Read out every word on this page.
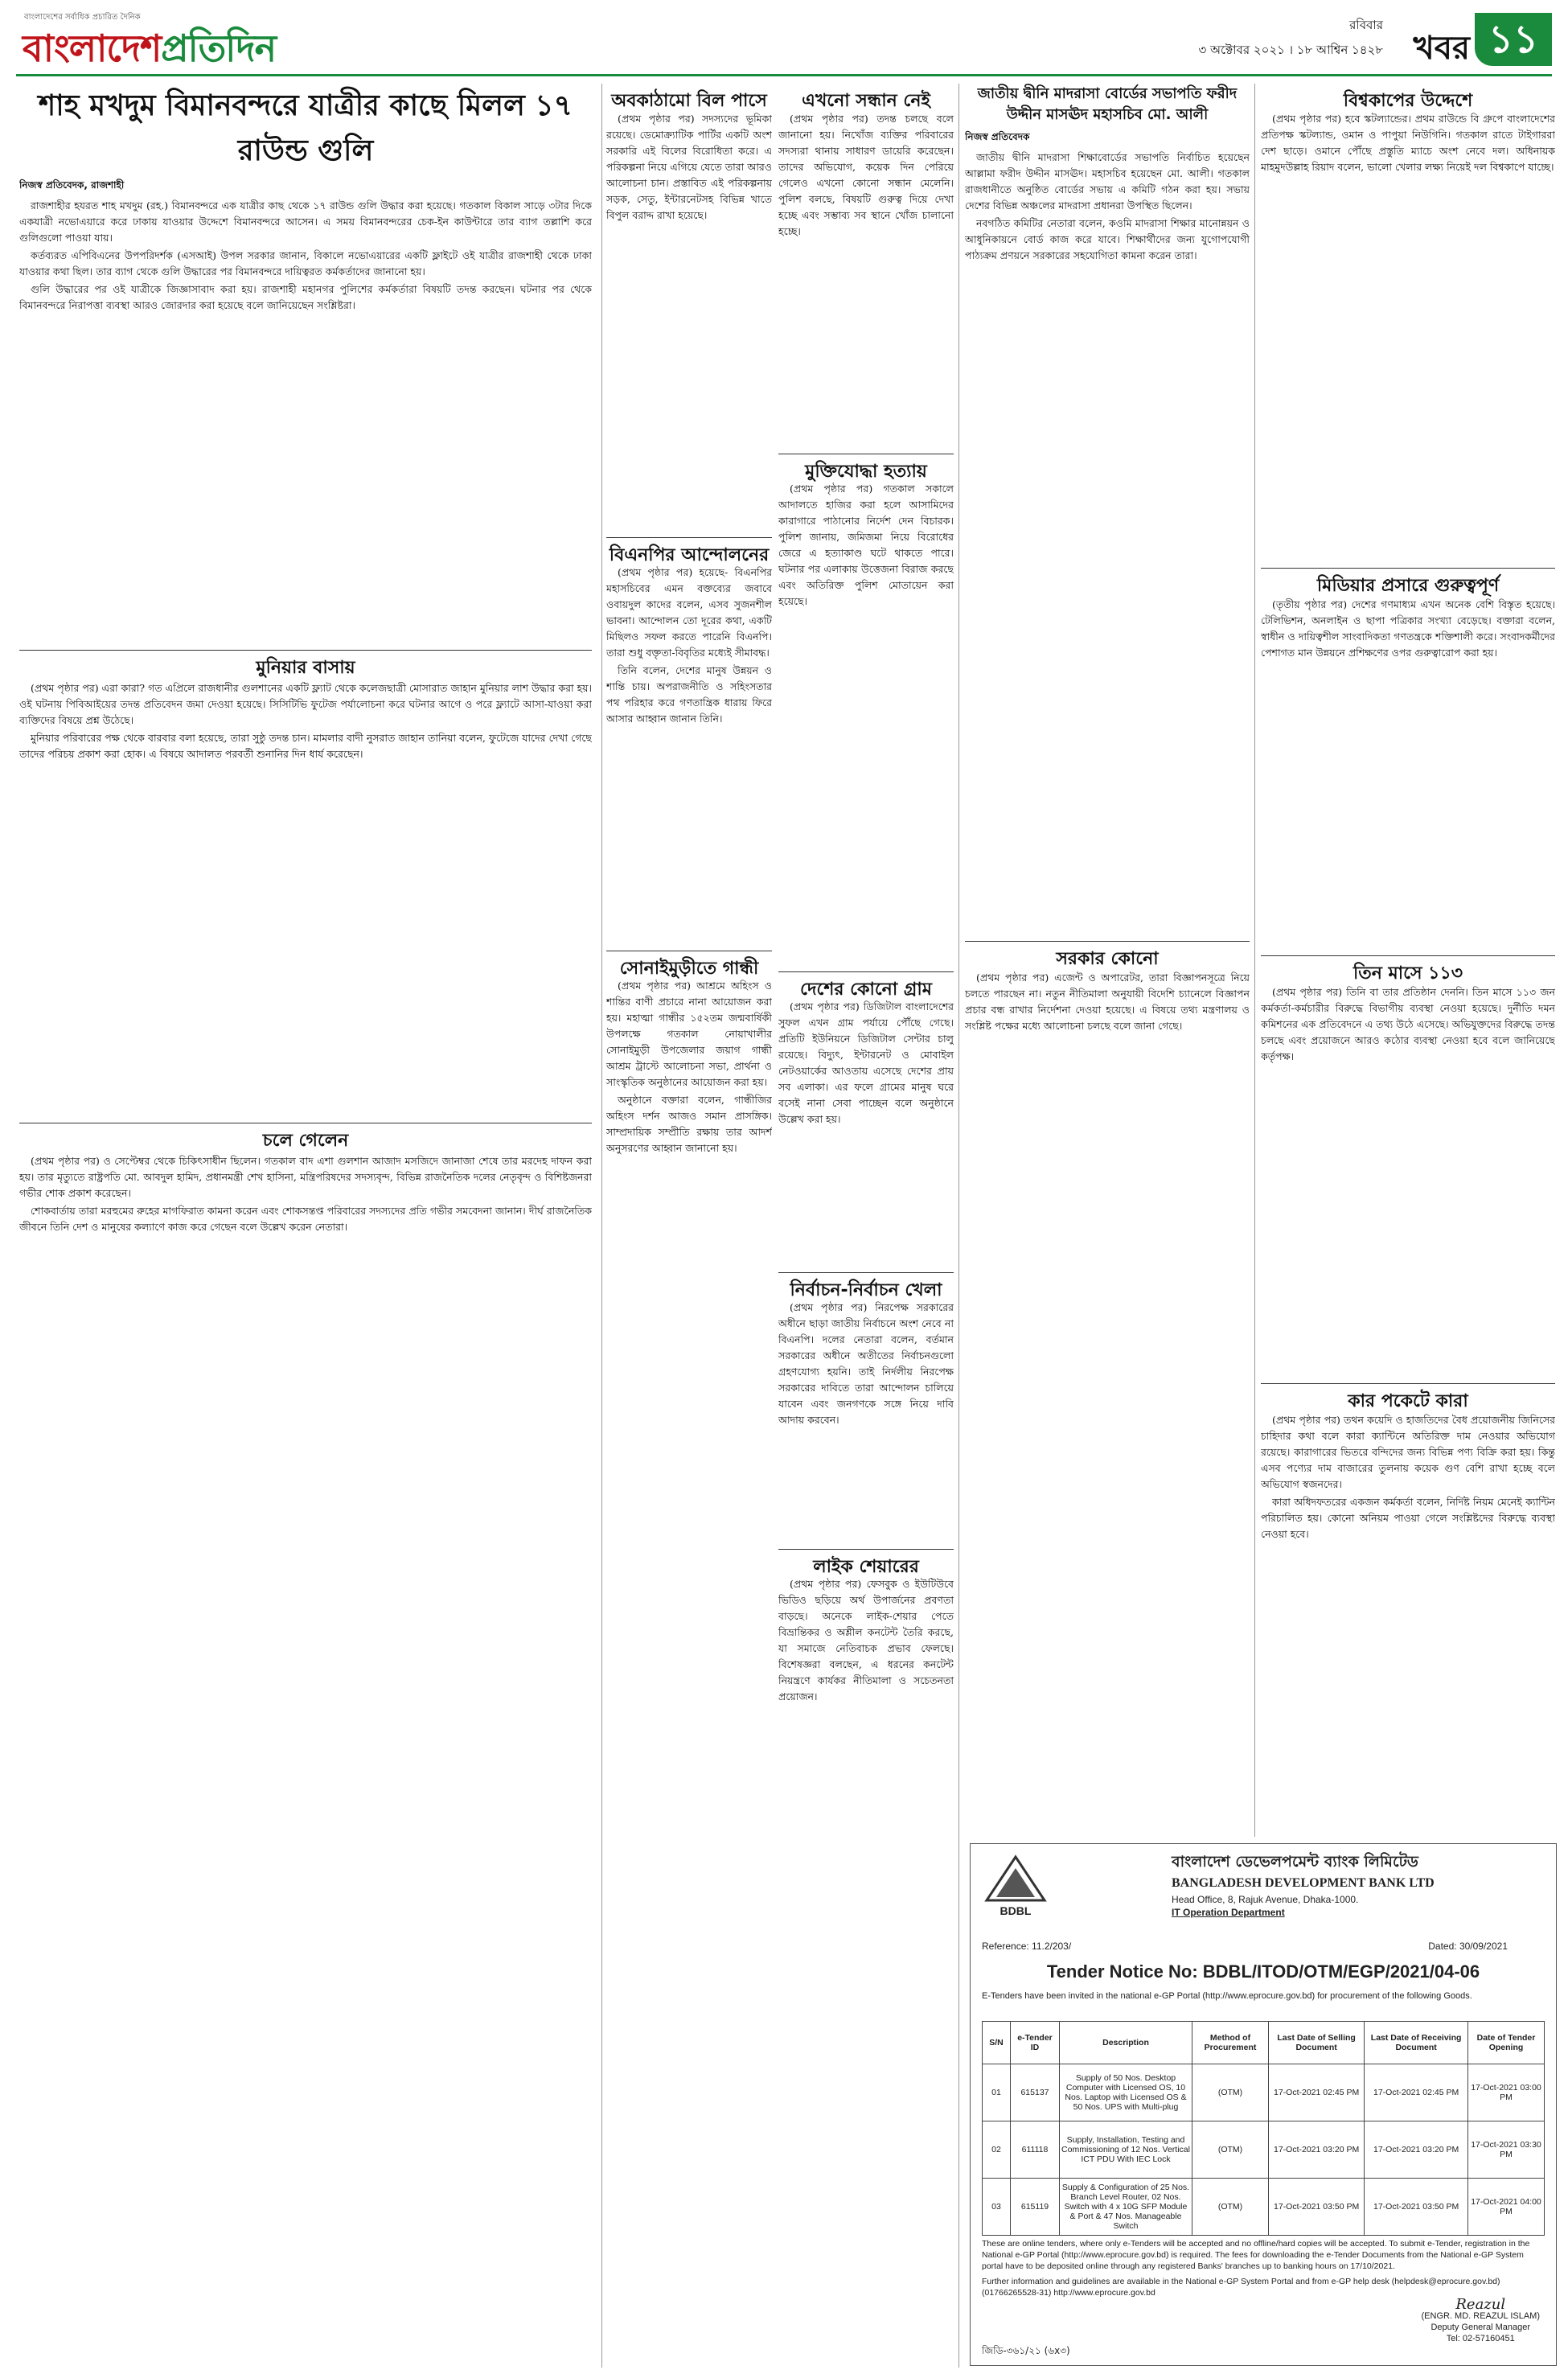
বাংলাদেশের সর্বাধিক প্রচারিত দৈনিক
বাংলাদেশপ্রতিদিন
রবিবার
৩ অক্টোবর ২০২১ । ১৮ আশ্বিন ১৪২৮ খবর ১১
শাহ মখদুম বিমানবন্দরে যাত্রীর কাছে মিলল ১৭ রাউন্ড গুলি
নিজস্ব প্রতিবেদক, রাজশাহী

রাজশাহীর হযরত শাহ মখদুম (রহ.) বিমানবন্দরে এক যাত্রীর কাছ থেকে ১৭ রাউন্ড গুলি উদ্ধার করা হয়েছে। গতকাল বিকাল সাড়ে ৩টার দিকে একযাত্রী নভোএয়ারে করে ঢাকায় যাওয়ার উদ্দেশে বিমানবন্দরে আসেন। এ সময় বিমানবন্দরের চেক-ইন কাউন্টারে তার ব্যাগ তল্লাশি করে গুলিগুলো পাওয়া যায়।

কর্তব্যরত এপিবিএনের উপপরিদর্শক (এসআই) উপল সরকার জানান, বিকালে নভোএয়ারের একটি ফ্লাইটে ওই যাত্রীর রাজশাহী থেকে ঢাকা যাওয়ার কথা ছিল। তার ব্যাগ থেকে গুলি উদ্ধারের পর বিমানবন্দরে দায়িত্বরত কর্মকর্তাদের জানানো হয়।

গুলি উদ্ধারের পর ওই যাত্রীকে জিজ্ঞাসাবাদ করা হয়। রাজশাহী মহানগর পুলিশের কর্মকর্তারা বিষয়টি তদন্ত করছেন। ঘটনার পর থেকে বিমানবন্দরে নিরাপত্তা ব্যবস্থা আরও জোরদার করা হয়েছে বলে জানিয়েছেন সংশ্লিষ্টরা।

মুনিয়ার বাসায়

(প্রথম পৃষ্ঠার পর) এরা কারা? গত এপ্রিলে রাজধানীর গুলশানের একটি ফ্ল্যাট থেকে কলেজছাত্রী মোসারাত জাহান মুনিয়ার লাশ উদ্ধার করা হয়। ওই ঘটনায় পিবিআইয়ের তদন্ত প্রতিবেদন জমা দেওয়া হয়েছে। সিসিটিভি ফুটেজ পর্যালোচনা করে ঘটনার আগে ও পরে ফ্ল্যাটে আসা-যাওয়া করা ব্যক্তিদের বিষয়ে প্রশ্ন উঠেছে।

মুনিয়ার পরিবারের পক্ষ থেকে বারবার বলা হয়েছে, তারা সুষ্ঠু তদন্ত চান। মামলার বাদী নুসরাত জাহান তানিয়া বলেন, ফুটেজে যাদের দেখা গেছে তাদের পরিচয় প্রকাশ করা হোক। এ বিষয়ে আদালত পরবর্তী শুনানির দিন ধার্য করেছেন।

চলে গেলেন

(প্রথম পৃষ্ঠার পর) ও সেপ্টেম্বর থেকে চিকিৎসাধীন ছিলেন। গতকাল বাদ এশা গুলশান আজাদ মসজিদে জানাজা শেষে তার মরদেহ দাফন করা হয়। তার মৃত্যুতে রাষ্ট্রপতি মো. আবদুল হামিদ, প্রধানমন্ত্রী শেখ হাসিনা, মন্ত্রিপরিষদের সদস্যবৃন্দ, বিভিন্ন রাজনৈতিক দলের নেতৃবৃন্দ ও বিশিষ্টজনরা গভীর শোক প্রকাশ করেছেন।

শোকবার্তায় তারা মরহুমের রুহের মাগফিরাত কামনা করেন এবং শোকসন্তপ্ত পরিবারের সদস্যদের প্রতি গভীর সমবেদনা জানান। দীর্ঘ রাজনৈতিক জীবনে তিনি দেশ ও মানুষের কল্যাণে কাজ করে গেছেন বলে উল্লেখ করেন নেতারা।

অবকাঠামো বিল পাসে

(প্রথম পৃষ্ঠার পর) সদস্যদের ভূমিকা রয়েছে। ডেমোক্র্যাটিক পার্টির একটি অংশ সরকারি এই বিলের বিরোধিতা করে। এ পরিকল্পনা নিয়ে এগিয়ে যেতে তারা আরও আলোচনা চান। প্রস্তাবিত এই পরিকল্পনায় সড়ক, সেতু, ইন্টারনেটসহ বিভিন্ন খাতে বিপুল বরাদ্দ রাখা হয়েছে।

বিএনপির আন্দোলনের

(প্রথম পৃষ্ঠার পর) হয়েছে- বিএনপির মহাসচিবের এমন বক্তব্যের জবাবে ওবায়দুল কাদের বলেন, এসব সুজনশীল ভাবনা। আন্দোলন তো দূরের কথা, একটি মিছিলও সফল করতে পারেনি বিএনপি। তারা শুধু বক্তৃতা-বিবৃতির মধ্যেই সীমাবদ্ধ।

তিনি বলেন, দেশের মানুষ উন্নয়ন ও শান্তি চায়। অপরাজনীতি ও সহিংসতার পথ পরিহার করে গণতান্ত্রিক ধারায় ফিরে আসার আহ্বান জানান তিনি।

সোনাইমুড়ীতে গান্ধী

(প্রথম পৃষ্ঠার পর) আশ্রমে অহিংস ও শান্তির বাণী প্রচারে নানা আয়োজন করা হয়। মহাত্মা গান্ধীর ১৫২তম জন্মবার্ষিকী উপলক্ষে গতকাল নোয়াখালীর সোনাইমুড়ী উপজেলার জয়াগ গান্ধী আশ্রম ট্রাস্টে আলোচনা সভা, প্রার্থনা ও সাংস্কৃতিক অনুষ্ঠানের আয়োজন করা হয়।

অনুষ্ঠানে বক্তারা বলেন, গান্ধীজির অহিংস দর্শন আজও সমান প্রাসঙ্গিক। সাম্প্রদায়িক সম্প্রীতি রক্ষায় তার আদর্শ অনুসরণের আহ্বান জানানো হয়।

এখনো সন্ধান নেই

(প্রথম পৃষ্ঠার পর) তদন্ত চলছে বলে জানানো হয়। নিখোঁজ ব্যক্তির পরিবারের সদস্যরা থানায় সাধারণ ডায়েরি করেছেন। তাদের অভিযোগ, কয়েক দিন পেরিয়ে গেলেও এখনো কোনো সন্ধান মেলেনি। পুলিশ বলছে, বিষয়টি গুরুত্ব দিয়ে দেখা হচ্ছে এবং সম্ভাব্য সব স্থানে খোঁজ চালানো হচ্ছে।

মুক্তিযোদ্ধা হত্যায়

(প্রথম পৃষ্ঠার পর) গতকাল সকালে আদালতে হাজির করা হলে আসামিদের কারাগারে পাঠানোর নির্দেশ দেন বিচারক। পুলিশ জানায়, জমিজমা নিয়ে বিরোধের জেরে এ হত্যাকাণ্ড ঘটে থাকতে পারে। ঘটনার পর এলাকায় উত্তেজনা বিরাজ করছে এবং অতিরিক্ত পুলিশ মোতায়েন করা হয়েছে।

দেশের কোনো গ্রাম

(প্রথম পৃষ্ঠার পর) ডিজিটাল বাংলাদেশের সুফল এখন গ্রাম পর্যায়ে পৌঁছে গেছে। প্রতিটি ইউনিয়নে ডিজিটাল সেন্টার চালু রয়েছে। বিদ্যুৎ, ইন্টারনেট ও মোবাইল নেটওয়ার্কের আওতায় এসেছে দেশের প্রায় সব এলাকা। এর ফলে গ্রামের মানুষ ঘরে বসেই নানা সেবা পাচ্ছেন বলে অনুষ্ঠানে উল্লেখ করা হয়।

নির্বাচন-নির্বাচন খেলা

(প্রথম পৃষ্ঠার পর) নিরপেক্ষ সরকারের অধীনে ছাড়া জাতীয় নির্বাচনে অংশ নেবে না বিএনপি। দলের নেতারা বলেন, বর্তমান সরকারের অধীনে অতীতের নির্বাচনগুলো গ্রহণযোগ্য হয়নি। তাই নির্দলীয় নিরপেক্ষ সরকারের দাবিতে তারা আন্দোলন চালিয়ে যাবেন এবং জনগণকে সঙ্গে নিয়ে দাবি আদায় করবেন।

লাইক শেয়ারের

(প্রথম পৃষ্ঠার পর) ফেসবুক ও ইউটিউবে ভিডিও ছড়িয়ে অর্থ উপার্জনের প্রবণতা বাড়ছে। অনেকে লাইক-শেয়ার পেতে বিভ্রান্তিকর ও অশ্লীল কনটেন্ট তৈরি করছে, যা সমাজে নেতিবাচক প্রভাব ফেলছে। বিশেষজ্ঞরা বলছেন, এ ধরনের কনটেন্ট নিয়ন্ত্রণে কার্যকর নীতিমালা ও সচেতনতা প্রয়োজন।

জাতীয় দ্বীনি মাদরাসা বোর্ডের সভাপতি ফরীদ উদ্দীন মাসঊদ মহাসচিব মো. আলী
নিজস্ব প্রতিবেদক

জাতীয় দ্বীনি মাদরাসা শিক্ষাবোর্ডের সভাপতি নির্বাচিত হয়েছেন আল্লামা ফরীদ উদ্দীন মাসঊদ। মহাসচিব হয়েছেন মো. আলী। গতকাল রাজধানীতে অনুষ্ঠিত বোর্ডের সভায় এ কমিটি গঠন করা হয়। সভায় দেশের বিভিন্ন অঞ্চলের মাদরাসা প্রধানরা উপস্থিত ছিলেন।

নবগঠিত কমিটির নেতারা বলেন, কওমি মাদরাসা শিক্ষার মানোন্নয়ন ও আধুনিকায়নে বোর্ড কাজ করে যাবে। শিক্ষার্থীদের জন্য যুগোপযোগী পাঠ্যক্রম প্রণয়নে সরকারের সহযোগিতা কামনা করেন তারা।

সরকার কোনো

(প্রথম পৃষ্ঠার পর) এজেন্ট ও অপারেটর, তারা বিজ্ঞাপনসূত্রে নিয়ে চলতে পারছেন না। নতুন নীতিমালা অনুযায়ী বিদেশি চ্যানেলে বিজ্ঞাপন প্রচার বন্ধ রাখার নির্দেশনা দেওয়া হয়েছে। এ বিষয়ে তথ্য মন্ত্রণালয় ও সংশ্লিষ্ট পক্ষের মধ্যে আলোচনা চলছে বলে জানা গেছে।

বিশ্বকাপের উদ্দেশে

(প্রথম পৃষ্ঠার পর) হবে স্কটল্যান্ডের। প্রথম রাউন্ডে বি গ্রুপে বাংলাদেশের প্রতিপক্ষ স্কটল্যান্ড, ওমান ও পাপুয়া নিউগিনি। গতকাল রাতে টাইগাররা দেশ ছাড়ে। ওমানে পৌঁছে প্রস্তুতি ম্যাচে অংশ নেবে দল। অধিনায়ক মাহমুদউল্লাহ রিয়াদ বলেন, ভালো খেলার লক্ষ্য নিয়েই দল বিশ্বকাপে যাচ্ছে।

মিডিয়ার প্রসারে গুরুত্বপূর্ণ

(তৃতীয় পৃষ্ঠার পর) দেশের গণমাধ্যম এখন অনেক বেশি বিস্তৃত হয়েছে। টেলিভিশন, অনলাইন ও ছাপা পত্রিকার সংখ্যা বেড়েছে। বক্তারা বলেন, স্বাধীন ও দায়িত্বশীল সাংবাদিকতা গণতন্ত্রকে শক্তিশালী করে। সংবাদকর্মীদের পেশাগত মান উন্নয়নে প্রশিক্ষণের ওপর গুরুত্বারোপ করা হয়।

তিন মাসে ১১৩

(প্রথম পৃষ্ঠার পর) তিনি বা তার প্রতিষ্ঠান দেননি। তিন মাসে ১১৩ জন কর্মকর্তা-কর্মচারীর বিরুদ্ধে বিভাগীয় ব্যবস্থা নেওয়া হয়েছে। দুর্নীতি দমন কমিশনের এক প্রতিবেদনে এ তথ্য উঠে এসেছে। অভিযুক্তদের বিরুদ্ধে তদন্ত চলছে এবং প্রয়োজনে আরও কঠোর ব্যবস্থা নেওয়া হবে বলে জানিয়েছে কর্তৃপক্ষ।

কার পকেটে কারা

(প্রথম পৃষ্ঠার পর) তথন কয়েদি ও হাজতিদের বৈধ প্রয়োজনীয় জিনিসের চাহিদার কথা বলে কারা ক্যান্টিনে অতিরিক্ত দাম নেওয়ার অভিযোগ রয়েছে। কারাগারের ভিতরে বন্দিদের জন্য বিভিন্ন পণ্য বিক্রি করা হয়। কিন্তু এসব পণ্যের দাম বাজারের তুলনায় কয়েক গুণ বেশি রাখা হচ্ছে বলে অভিযোগ স্বজনদের।

কারা অধিদফতরের একজন কর্মকর্তা বলেন, নির্দিষ্ট নিয়ম মেনেই ক্যান্টিন পরিচালিত হয়। কোনো অনিয়ম পাওয়া গেলে সংশ্লিষ্টদের বিরুদ্ধে ব্যবস্থা নেওয়া হবে।

BDBL
বাংলাদেশ ডেভেলপমেন্ট ব্যাংক লিমিটেড
BANGLADESH DEVELOPMENT BANK LTD
Head Office, 8, Rajuk Avenue, Dhaka-1000.
IT Operation Department
Reference: 11.2/203/	Dated: 30/09/2021
Tender Notice No: BDBL/ITOD/OTM/EGP/2021/04-06
E-Tenders have been invited in the national e-GP Portal (http://www.eprocure.gov.bd) for procurement of the following Goods.
S/N	e-Tender ID	Description	Method of Procurement	Last Date of Selling Document	Last Date of Receiving Document	Date of Tender Opening
01	615137	Supply of 50 Nos. Desktop Computer with Licensed OS, 10 Nos. Laptop with Licensed OS & 50 Nos. UPS with Multi-plug	(OTM)	17-Oct-2021 02:45 PM	17-Oct-2021 02:45 PM	17-Oct-2021 03:00 PM
02	611118	Supply, Installation, Testing and Commissioning of 12 Nos. Vertical ICT PDU With IEC Lock	(OTM)	17-Oct-2021 03:20 PM	17-Oct-2021 03:20 PM	17-Oct-2021 03:30 PM
03	615119	Supply & Configuration of 25 Nos. Branch Level Router, 02 Nos. Switch with 4 x 10G SFP Module & Port & 47 Nos. Manageable Switch	(OTM)	17-Oct-2021 03:50 PM	17-Oct-2021 03:50 PM	17-Oct-2021 04:00 PM

These are online tenders, where only e-Tenders will be accepted and no offline/hard copies will be accepted. To submit e-Tender, registration in the National e-GP Portal (http://www.eprocure.gov.bd) is required. The fees for downloading the e-Tender Documents from the National e-GP System portal have to be deposited online through any registered Banks' branches up to banking hours on 17/10/2021.

Further information and guidelines are available in the National e-GP System Portal and from e-GP help desk (helpdesk@eprocure.gov.bd) (01766265528-31) http://www.eprocure.gov.bd

Reazul
(ENGR. MD. REAZUL ISLAM)
Deputy General Manager
Tel: 02-57160451
জিডি-৩৬১/২১ (৬x৩)
